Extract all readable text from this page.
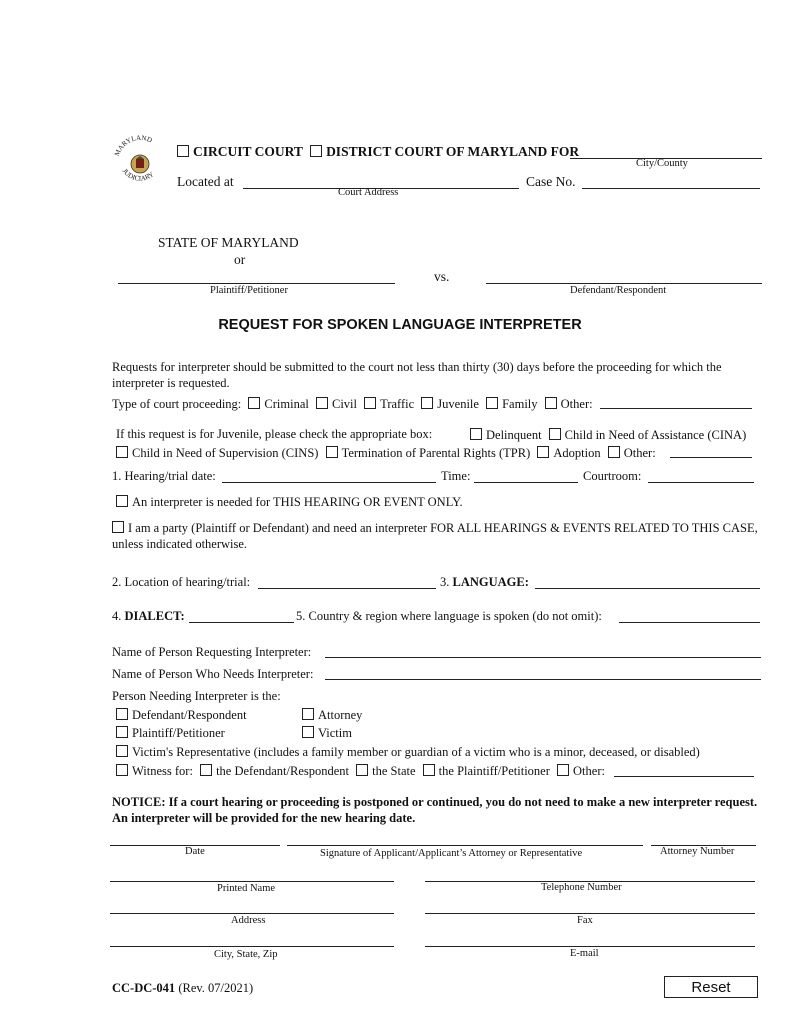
MARYLAND
JUDICIARY
CIRCUIT COURT DISTRICT COURT OF MARYLAND FOR
City/County
Located at
Court Address
Case No.
STATE OF MARYLAND
or
vs.
Plaintiff/Petitioner	Defendant/Respondent
REQUEST FOR SPOKEN LANGUAGE INTERPRETER
Requests for interpreter should be submitted to the court not less than thirty (30) days before the proceeding for which the interpreter is requested.
Type of court proceeding: Criminal Civil Traffic Juvenile Family Other:
If this request is for Juvenile, please check the appropriate box:	Delinquent Child in Need of Assistance (CINA)
Child in Need of Supervision (CINS) Termination of Parental Rights (TPR) Adoption Other:
1. Hearing/trial date:	Time:	Courtroom:
An interpreter is needed for THIS HEARING OR EVENT ONLY.
I am a party (Plaintiff or Defendant) and need an interpreter FOR ALL HEARINGS & EVENTS RELATED TO THIS CASE, unless indicated otherwise.
2. Location of hearing/trial:	3. LANGUAGE:
4. DIALECT:	5. Country & region where language is spoken (do not omit):
Name of Person Requesting Interpreter:
Name of Person Who Needs Interpreter:
Person Needing Interpreter is the:
Defendant/Respondent	Attorney
Plaintiff/Petitioner	Victim
Victim's Representative (includes a family member or guardian of a victim who is a minor, deceased, or disabled)
Witness for: the Defendant/Respondent the State the Plaintiff/Petitioner Other:
NOTICE: If a court hearing or proceeding is postponed or continued, you do not need to make a new interpreter request. An interpreter will be provided for the new hearing date.
Date	Signature of Applicant/Applicant’s Attorney or Representative	Attorney Number
Printed Name	Telephone Number
Address	Fax
City, State, Zip	E-mail
CC-DC-041 (Rev. 07/2021)	Reset
